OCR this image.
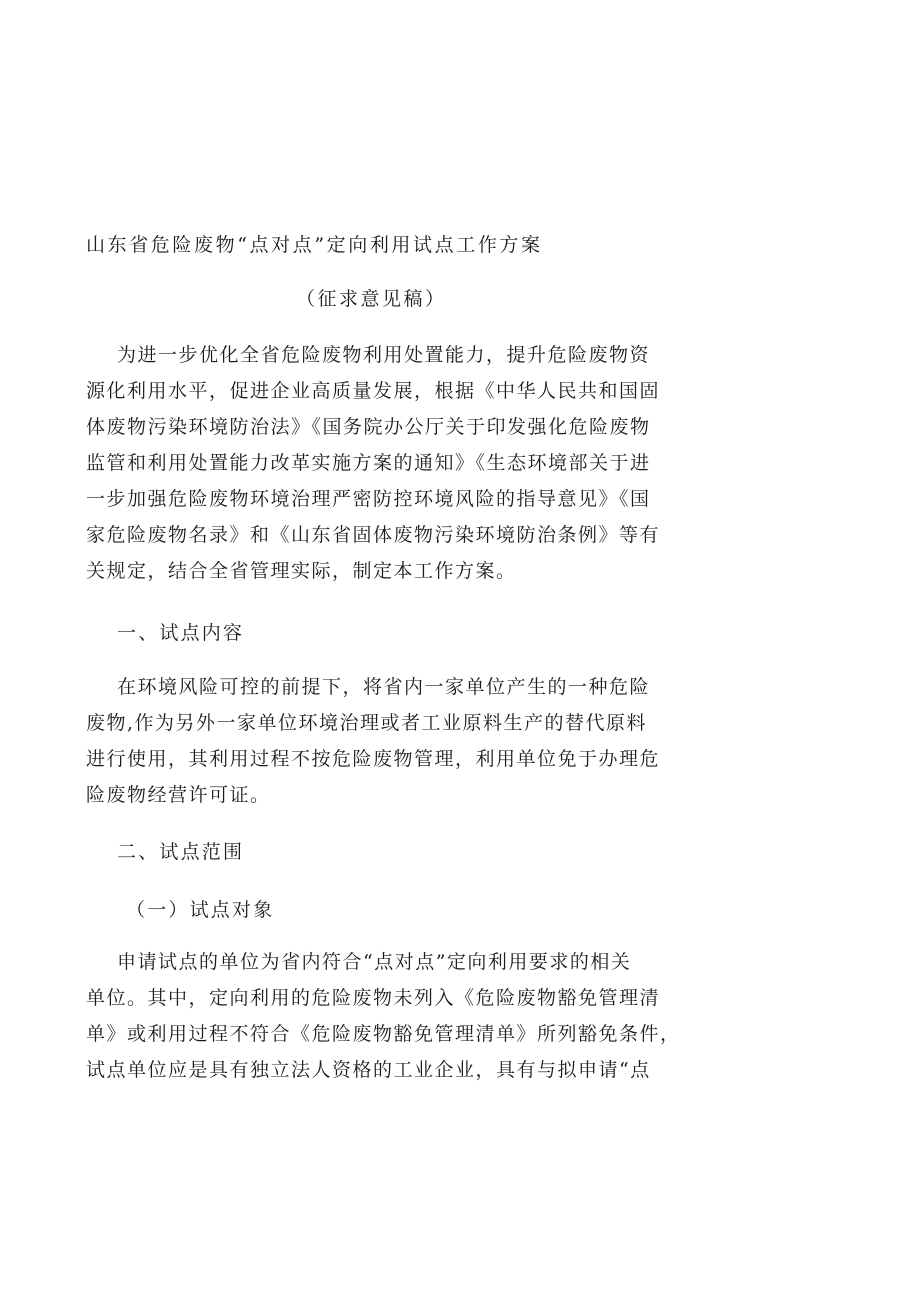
山东省危险废物“点对点”定向利用试点工作方案
（征求意见稿）
为进一步优化全省危险废物利用处置能力，提升危险废物资
源化利用水平，促进企业高质量发展，根据《中华人民共和国固
体废物污染环境防治法》《国务院办公厅关于印发强化危险废物
监管和利用处置能力改革实施方案的通知》《生态环境部关于进
一步加强危险废物环境治理严密防控环境风险的指导意见》《国
家危险废物名录》和《山东省固体废物污染环境防治条例》等有
关规定，结合全省管理实际，制定本工作方案。
一、试点内容
在环境风险可控的前提下，将省内一家单位产生的一种危险
废物,作为另外一家单位环境治理或者工业原料生产的替代原料
进行使用，其利用过程不按危险废物管理，利用单位免于办理危
险废物经营许可证。
二、试点范围
（一）试点对象
申请试点的单位为省内符合“点对点”定向利用要求的相关
单位。其中，定向利用的危险废物未列入《危险废物豁免管理清
单》或利用过程不符合《危险废物豁免管理清单》所列豁免条件，
试点单位应是具有独立法人资格的工业企业，具有与拟申请“点
